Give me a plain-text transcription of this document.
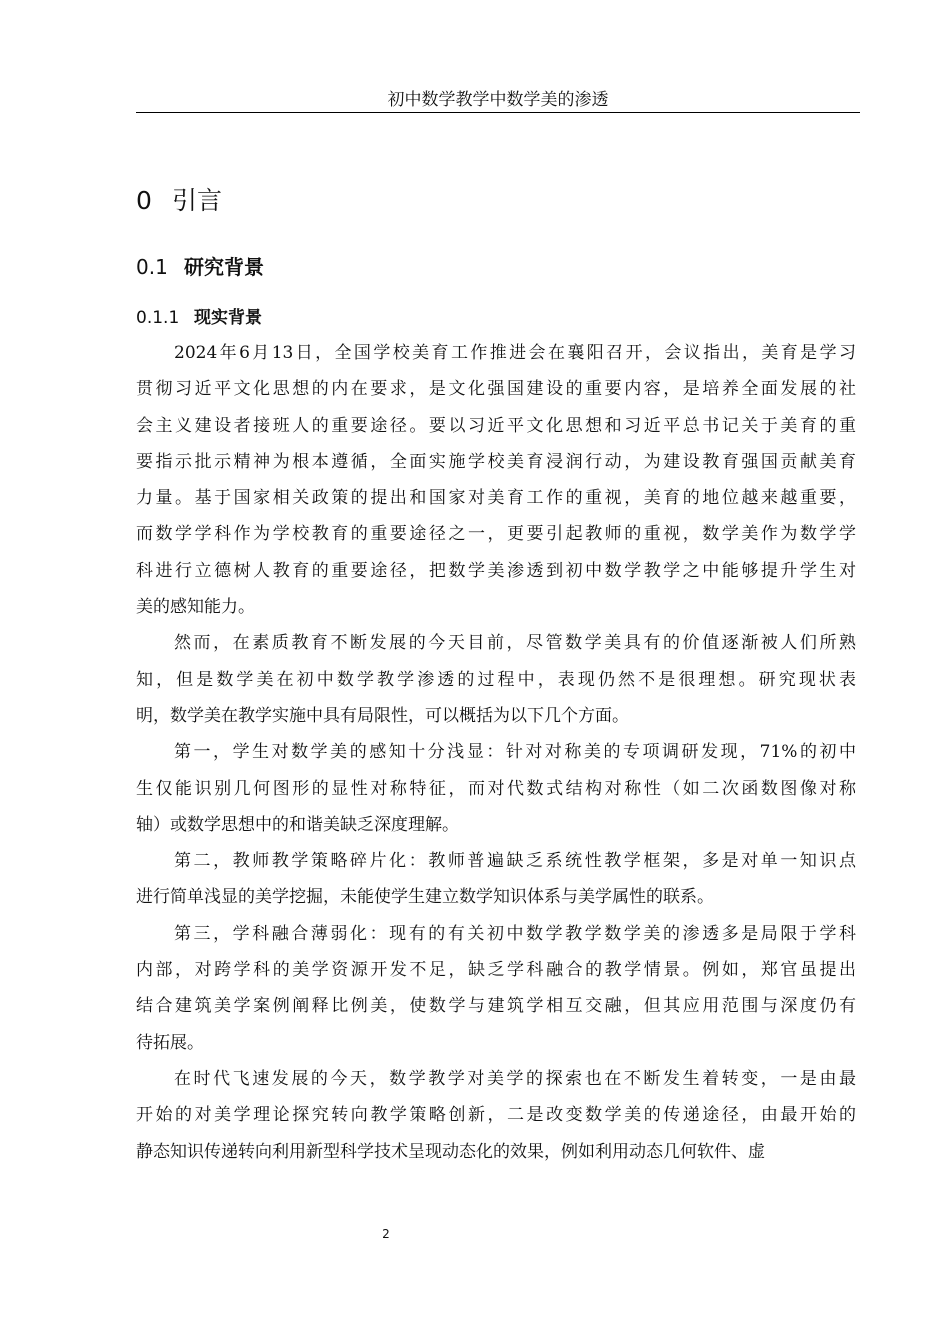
初中数学教学中数学美的渗透
0 引言
0.1 研究背景
0.1.1 现实背景
2024年6月13日，全国学校美育工作推进会在襄阳召开，会议指出，美育是学习
贯彻习近平文化思想的内在要求，是文化强国建设的重要内容，是培养全面发展的社
会主义建设者接班人的重要途径。要以习近平文化思想和习近平总书记关于美育的重
要指示批示精神为根本遵循，全面实施学校美育浸润行动，为建设教育强国贡献美育
力量。基于国家相关政策的提出和国家对美育工作的重视，美育的地位越来越重要，
而数学学科作为学校教育的重要途径之一，更要引起教师的重视，数学美作为数学学
科进行立德树人教育的重要途径，把数学美渗透到初中数学教学之中能够提升学生对
美的感知能力。
然而，在素质教育不断发展的今天目前，尽管数学美具有的价值逐渐被人们所熟
知，但是数学美在初中数学教学渗透的过程中，表现仍然不是很理想。研究现状表
明，数学美在教学实施中具有局限性，可以概括为以下几个方面。
第一，学生对数学美的感知十分浅显：针对对称美的专项调研发现，71%的初中
生仅能识别几何图形的显性对称特征，而对代数式结构对称性（如二次函数图像对称
轴）或数学思想中的和谐美缺乏深度理解。
第二，教师教学策略碎片化：教师普遍缺乏系统性教学框架，多是对单一知识点
进行简单浅显的美学挖掘，未能使学生建立数学知识体系与美学属性的联系。
第三，学科融合薄弱化：现有的有关初中数学教学数学美的渗透多是局限于学科
内部，对跨学科的美学资源开发不足，缺乏学科融合的教学情景。例如，郑官虽提出
结合建筑美学案例阐释比例美，使数学与建筑学相互交融，但其应用范围与深度仍有
待拓展。
在时代飞速发展的今天，数学教学对美学的探索也在不断发生着转变，一是由最
开始的对美学理论探究转向教学策略创新，二是改变数学美的传递途径，由最开始的
静态知识传递转向利用新型科学技术呈现动态化的效果，例如利用动态几何软件、虚
2
